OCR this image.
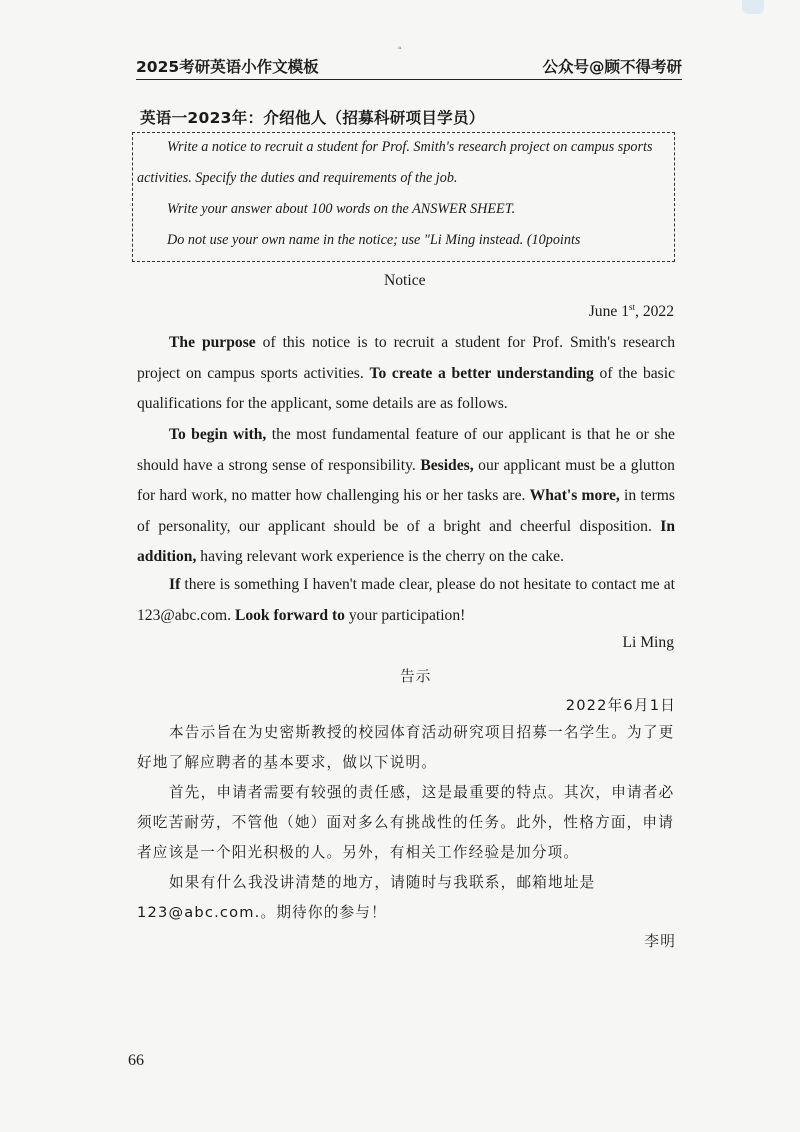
2025考研英语小作文模板	公众号@顾不得考研
ᵃ
英语一2023年：介绍他人（招募科研项目学员）
Write a notice to recruit a student for Prof. Smith's research project on campus sports
activities. Specify the duties and requirements of the job.
Write your answer about 100 words on the ANSWER SHEET.
Do not use your own name in the notice; use "Li Ming instead. (10points
Notice
June 1st, 2022
The purpose of this notice is to recruit a student for Prof. Smith's research project on campus sports activities. To create a better understanding of the basic qualifications for the applicant, some details are as follows.
To begin with, the most fundamental feature of our applicant is that he or she should have a strong sense of responsibility. Besides, our applicant must be a glutton for hard work, no matter how challenging his or her tasks are. What's more, in terms of personality, our applicant should be of a bright and cheerful disposition. In addition, having relevant work experience is the cherry on the cake.
If there is something I haven't made clear, please do not hesitate to contact me at 123@abc.com. Look forward to your participation!
Li Ming
告示
2022年6月1日
本告示旨在为史密斯教授的校园体育活动研究项目招募一名学生。为了更好地了解应聘者的基本要求，做以下说明。
首先，申请者需要有较强的责任感，这是最重要的特点。其次，申请者必须吃苦耐劳，不管他（她）面对多么有挑战性的任务。此外，性格方面，申请者应该是一个阳光积极的人。另外，有相关工作经验是加分项。
如果有什么我没讲清楚的地方，请随时与我联系，邮箱地址是 123@abc.com.。期待你的参与！
李明
66
